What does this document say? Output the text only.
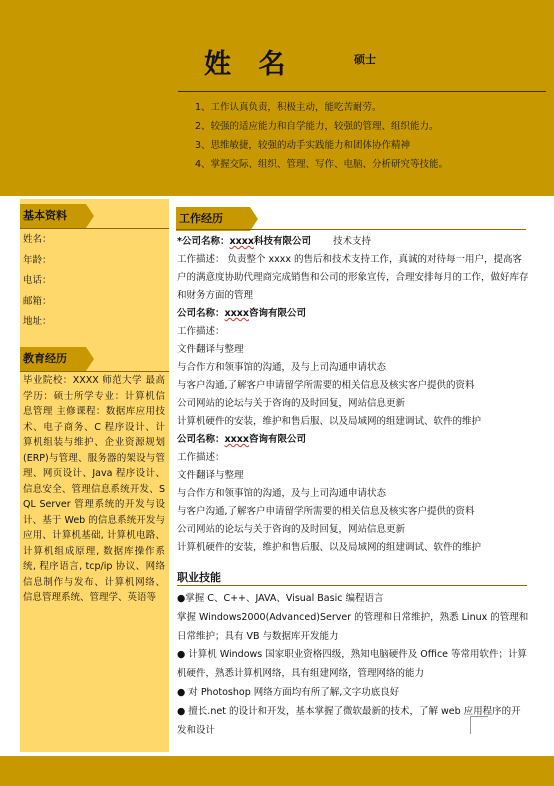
姓 名	硕士
1、工作认真负责，积极主动，能吃苦耐劳。
2、较强的适应能力和自学能力，较强的管理、组织能力。
3、思维敏捷，较强的动手实践能力和团体协作精神
4、掌握交际、组织、管理、写作、电脑、分析研究等技能。
基本资料
姓名：
年龄：
电话：
邮箱：
地址：
教育经历
毕业院校：XXXX 师范大学 最高学历：硕士所学专业：计算机信息管理 主修课程：数据库应用技术、电子商务、C 程序设计、计算机组装与维护、企业资源规划(ERP)与管理、服务器的架设与管理、网页设计、Java 程序设计、信息安全、管理信息系统开发、SQL Server 管理系统的开发与设计、基于 Web 的信息系统开发与应用、计算机基础, 计算机电路、计算机组成原理, 数据库操作系统, 程序语言, tcp/ip 协议、网络信息制作与发布、计算机网络、信息管理系统、管理学、英语等
工作经历

*公司名称：xxxx科技有限公司 技术支持

工作描述： 负责整个 xxxx 的售后和技术支持工作，真诚的对待每一用户，提高客户的满意度协助代理商完成销售和公司的形象宣传，合理安排每月的工作，做好库存和财务方面的管理

公司名称：xxxx咨询有限公司

工作描述：

文件翻译与整理

与合作方和领事馆的沟通，及与上司沟通申请状态

与客户沟通,了解客户申请留学所需要的相关信息及核实客户提供的资料

公司网站的论坛与关于咨询的及时回复，网站信息更新

计算机硬件的安装，维护和售后服、以及局域网的组建调试、软件的维护

公司名称：xxxx咨询有限公司

工作描述：

文件翻译与整理

与合作方和领事馆的沟通，及与上司沟通申请状态

与客户沟通,了解客户申请留学所需要的相关信息及核实客户提供的资料

公司网站的论坛与关于咨询的及时回复，网站信息更新

计算机硬件的安装，维护和售后服、以及局域网的组建调试、软件的维护

职业技能

●掌握 C、C++、JAVA、Visual Basic 编程语言

掌握 Windows2000(Advanced)Server 的管理和日常维护，熟悉 Linux 的管理和日常维护；具有 VB 与数据库开发能力

● 计算机 Windows 国家职业资格四级，熟知电脑硬件及 Office 等常用软件；计算机硬件，熟悉计算机网络，具有组建网络，管理网络的能力

● 对 Photoshop 网络方面均有所了解,文字功底良好

● 擅长.net 的设计和开发，基本掌握了微软最新的技术，了解 web 应用程序的开发和设计
